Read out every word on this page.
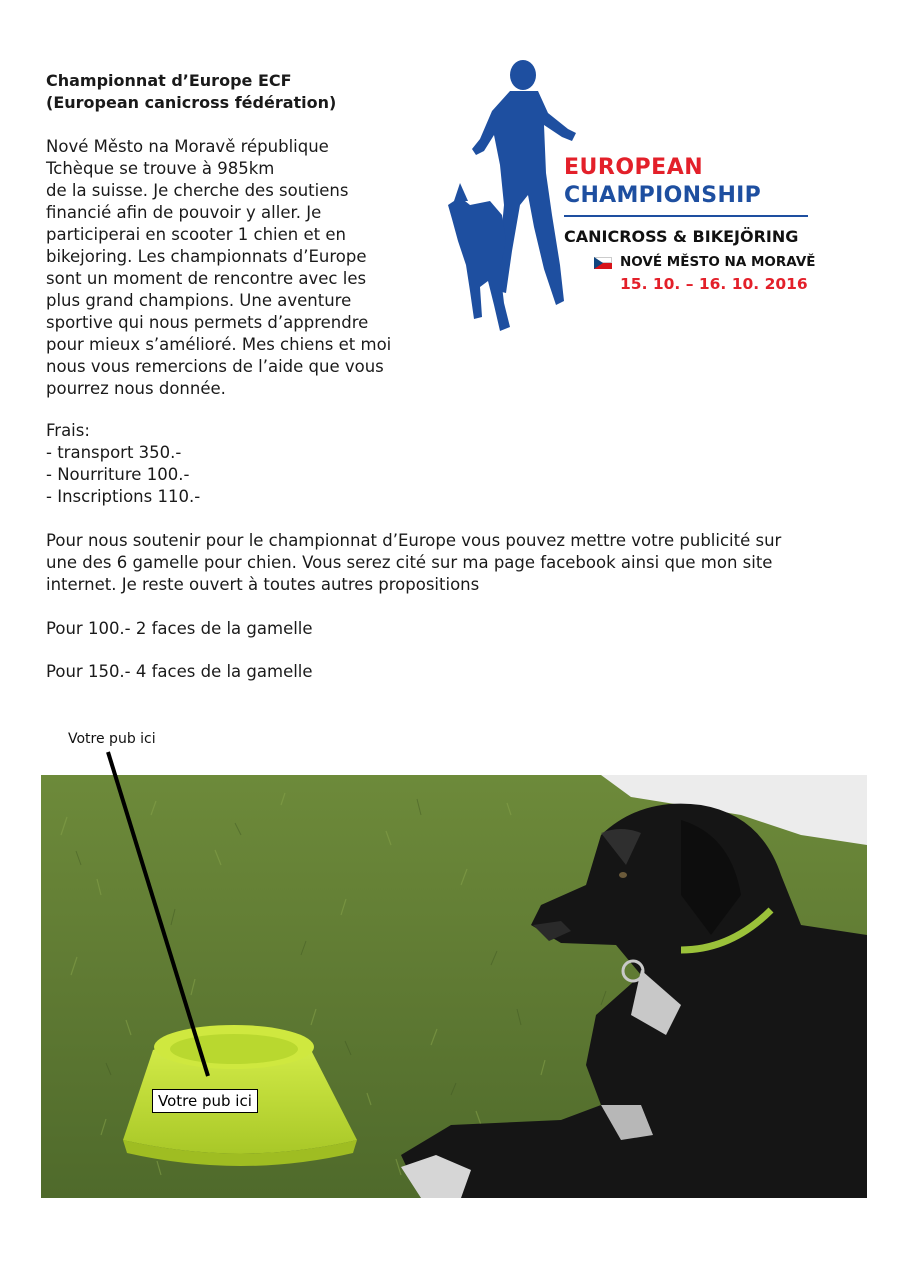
Championnat d’Europe ECF
(European canicross fédération)
Nové Město na Moravě république
Tchèque se trouve à 985km
de la suisse. Je cherche des soutiens
financié afin de pouvoir y aller. Je
participerai en scooter 1 chien et en
bikejoring. Les championnats d’Europe
sont un moment de rencontre avec les
plus grand champions. Une aventure
sportive qui nous permets d’apprendre
pour mieux s’amélioré. Mes chiens et moi
nous vous remercions de l’aide que vous
pourrez nous donnée.
EUROPEAN
CHAMPIONSHIP
CANICROSS & BIKEJÖRING
NOVÉ MĚSTO NA MORAVĚ
15. 10. – 16. 10. 2016
Frais:
- transport 350.-
- Nourriture 100.-
- Inscriptions 110.-
Pour nous soutenir pour le championnat d’Europe vous pouvez mettre votre publicité sur
une des 6 gamelle pour chien. Vous serez cité sur ma page facebook ainsi que mon site
internet. Je reste ouvert à toutes autres propositions
Pour 100.- 2 faces de la gamelle
Pour 150.- 4 faces de la gamelle
Votre pub ici
Votre pub ici
